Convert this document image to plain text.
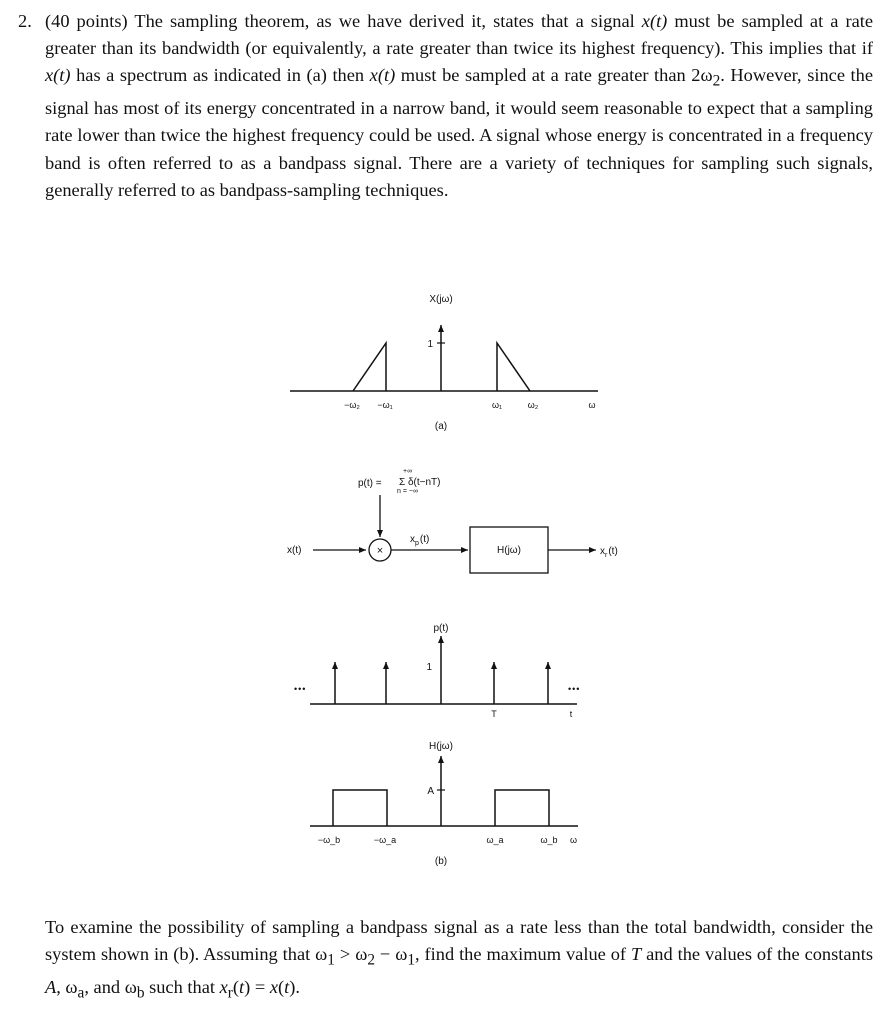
2. (40 points) The sampling theorem, as we have derived it, states that a signal x(t) must be sampled at a rate greater than its bandwidth (or equivalently, a rate greater than twice its highest frequency). This implies that if x(t) has a spectrum as indicated in (a) then x(t) must be sampled at a rate greater than $2\omega_2$. However, since the signal has most of its energy concentrated in a narrow band, it would seem reasonable to expect that a sampling rate lower than twice the highest frequency could be used. A signal whose energy is concentrated in a frequency band is often referred to as a bandpass signal. There are a variety of techniques for sampling such signals, generally referred to as bandpass-sampling techniques.
X(jω)
1
−ω₂ −ω₁	ω₁	ω₂	ω
(a)
p(t) =
+∞
n = −∞
Σ δ(t−nT)
x(t)	×
$x_p(t)$
H(jω)	$x_r(t)$
p(t)
1
•••	•••
T	t
H(jω)
A
−ω_b	−ω_a	ω_a	ω_b ω
(b)
To examine the possibility of sampling a bandpass signal as a rate less than the total bandwidth, consider the system shown in (b). Assuming that $\omega_1 > \omega_2 - \omega_1$, find the maximum value of T and the values of the constants A, $\omega_a$, and $\omega_b$ such that $x_r(t) = x(t)$.
